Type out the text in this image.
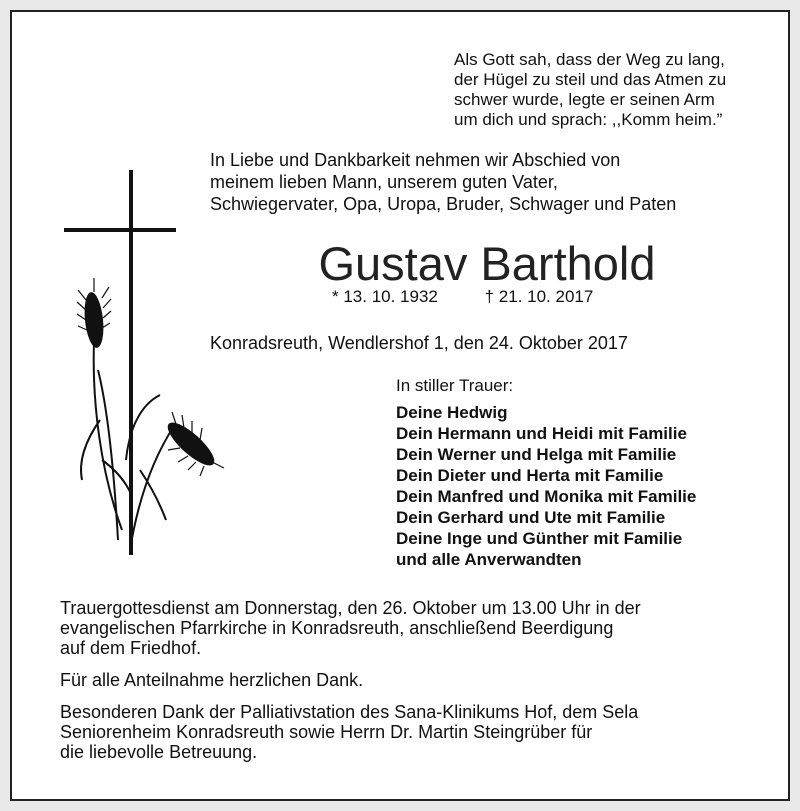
Als Gott sah, dass der Weg zu lang,
der Hügel zu steil und das Atmen zu
schwer wurde, legte er seinen Arm
um dich und sprach: ,,Komm heim.”
In Liebe und Dankbarkeit nehmen wir Abschied von
meinem lieben Mann, unserem guten Vater,
Schwiegervater, Opa, Uropa, Bruder, Schwager und Paten
Gustav Barthold
* 13. 10. 1932	† 21. 10. 2017
Konradsreuth, Wendlershof 1, den 24. Oktober 2017
In stiller Trauer:
Deine Hedwig
Dein Hermann und Heidi mit Familie
Dein Werner und Helga mit Familie
Dein Dieter und Herta mit Familie
Dein Manfred und Monika mit Familie
Dein Gerhard und Ute mit Familie
Deine Inge und Günther mit Familie
und alle Anverwandten
Trauergottesdienst am Donnerstag, den 26. Oktober um 13.00 Uhr in der
evangelischen Pfarrkirche in Konradsreuth, anschließend Beerdigung
auf dem Friedhof.
Für alle Anteilnahme herzlichen Dank.
Besonderen Dank der Palliativstation des Sana-Klinikums Hof, dem Sela
Seniorenheim Konradsreuth sowie Herrn Dr. Martin Steingrüber für
die liebevolle Betreuung.
